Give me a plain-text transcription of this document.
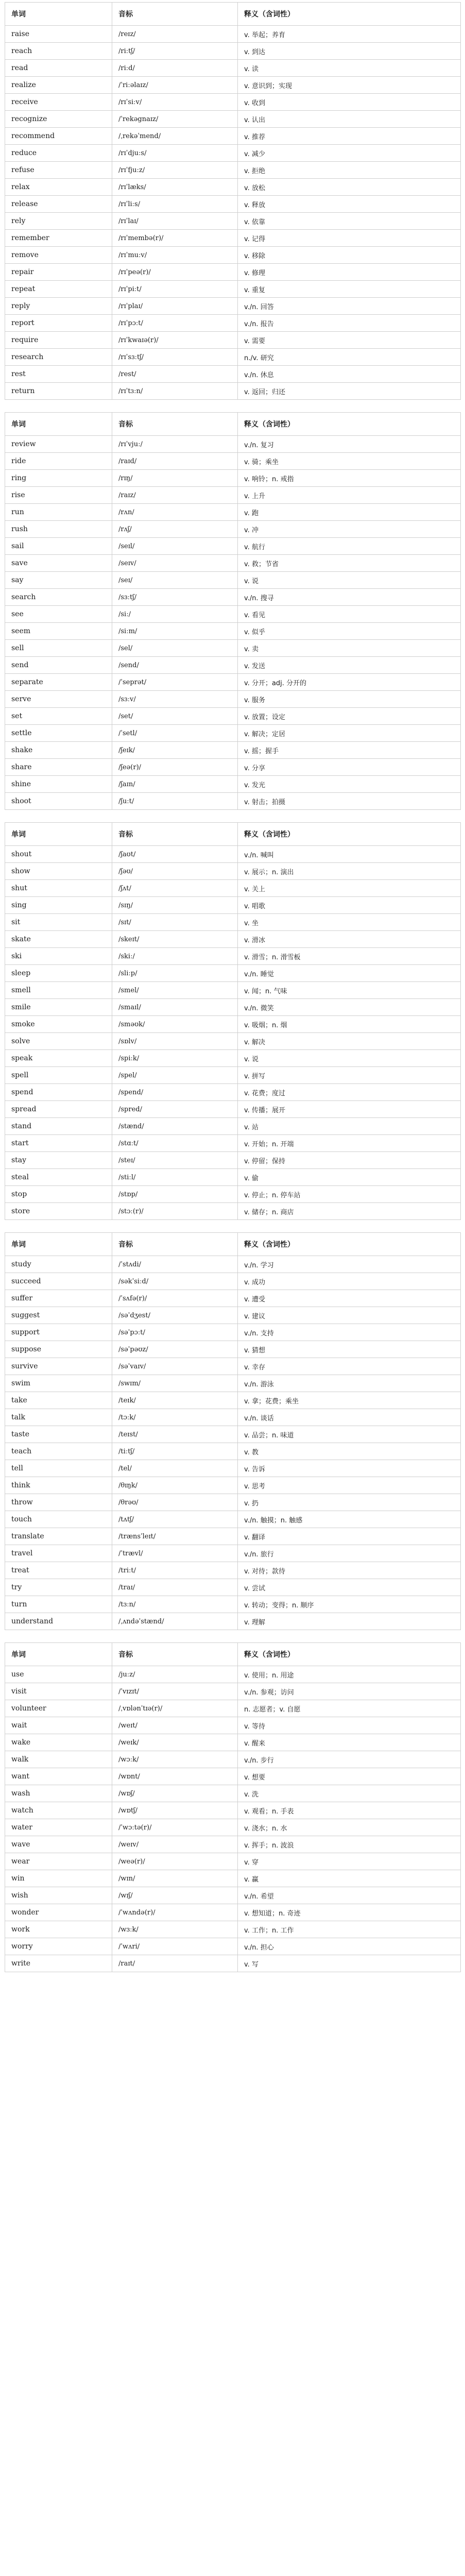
单词	音标	释义（含词性）
raise	/reɪz/	v. 举起；养育
reach	/riːtʃ/	v. 到达
read	/riːd/	v. 读
realize	/ˈriːəlaɪz/	v. 意识到；实现
receive	/rɪˈsiːv/	v. 收到
recognize	/ˈrekəgnaɪz/	v. 认出
recommend	/ˌrekəˈmend/	v. 推荐
reduce	/rɪˈdjuːs/	v. 减少
refuse	/rɪˈfjuːz/	v. 拒绝
relax	/rɪˈlæks/	v. 放松
release	/rɪˈliːs/	v. 释放
rely	/rɪˈlaɪ/	v. 依靠
remember	/rɪˈmembə(r)/	v. 记得
remove	/rɪˈmuːv/	v. 移除
repair	/rɪˈpeə(r)/	v. 修理
repeat	/rɪˈpiːt/	v. 重复
reply	/rɪˈplaɪ/	v./n. 回答
report	/rɪˈpɔːt/	v./n. 报告
require	/rɪˈkwaɪə(r)/	v. 需要
research	/rɪˈsɜːtʃ/	n./v. 研究
rest	/rest/	v./n. 休息
return	/rɪˈtɜːn/	v. 返回；归还
单词	音标	释义（含词性）
review	/rɪˈvjuː/	v./n. 复习
ride	/raɪd/	v. 骑；乘坐
ring	/rɪŋ/	v. 响铃；n. 戒指
rise	/raɪz/	v. 上升
run	/rʌn/	v. 跑
rush	/rʌʃ/	v. 冲
sail	/seɪl/	v. 航行
save	/seɪv/	v. 救；节省
say	/seɪ/	v. 说
search	/sɜːtʃ/	v./n. 搜寻
see	/siː/	v. 看见
seem	/siːm/	v. 似乎
sell	/sel/	v. 卖
send	/send/	v. 发送
separate	/ˈseprət/	v. 分开；adj. 分开的
serve	/sɜːv/	v. 服务
set	/set/	v. 放置；设定
settle	/ˈsetl/	v. 解决；定居
shake	/ʃeɪk/	v. 摇；握手
share	/ʃeə(r)/	v. 分享
shine	/ʃaɪn/	v. 发光
shoot	/ʃuːt/	v. 射击；拍摄
单词	音标	释义（含词性）
shout	/ʃaʊt/	v./n. 喊叫
show	/ʃəʊ/	v. 展示；n. 演出
shut	/ʃʌt/	v. 关上
sing	/sɪŋ/	v. 唱歌
sit	/sɪt/	v. 坐
skate	/skeɪt/	v. 滑冰
ski	/skiː/	v. 滑雪；n. 滑雪板
sleep	/sliːp/	v./n. 睡觉
smell	/smel/	v. 闻；n. 气味
smile	/smaɪl/	v./n. 微笑
smoke	/sməʊk/	v. 吸烟；n. 烟
solve	/sɒlv/	v. 解决
speak	/spiːk/	v. 说
spell	/spel/	v. 拼写
spend	/spend/	v. 花费；度过
spread	/spred/	v. 传播；展开
stand	/stænd/	v. 站
start	/stɑːt/	v. 开始；n. 开端
stay	/steɪ/	v. 停留；保持
steal	/stiːl/	v. 偷
stop	/stɒp/	v. 停止；n. 停车站
store	/stɔː(r)/	v. 储存；n. 商店
单词	音标	释义（含词性）
study	/ˈstʌdi/	v./n. 学习
succeed	/səkˈsiːd/	v. 成功
suffer	/ˈsʌfə(r)/	v. 遭受
suggest	/səˈdʒest/	v. 建议
support	/səˈpɔːt/	v./n. 支持
suppose	/səˈpəʊz/	v. 猜想
survive	/səˈvaɪv/	v. 幸存
swim	/swɪm/	v./n. 游泳
take	/teɪk/	v. 拿；花费；乘坐
talk	/tɔːk/	v./n. 谈话
taste	/teɪst/	v. 品尝；n. 味道
teach	/tiːtʃ/	v. 教
tell	/tel/	v. 告诉
think	/θɪŋk/	v. 思考
throw	/θrəʊ/	v. 扔
touch	/tʌtʃ/	v./n. 触摸；n. 触感
translate	/trænsˈleɪt/	v. 翻译
travel	/ˈtrævl/	v./n. 旅行
treat	/triːt/	v. 对待；款待
try	/traɪ/	v. 尝试
turn	/tɜːn/	v. 转动；变得；n. 顺序
understand	/ˌʌndəˈstænd/	v. 理解
单词	音标	释义（含词性）
use	/juːz/	v. 使用；n. 用途
visit	/ˈvɪzɪt/	v./n. 参观；访问
volunteer	/ˌvɒlənˈtɪə(r)/	n. 志愿者；v. 自愿
wait	/weɪt/	v. 等待
wake	/weɪk/	v. 醒来
walk	/wɔːk/	v./n. 步行
want	/wɒnt/	v. 想要
wash	/wɒʃ/	v. 洗
watch	/wɒtʃ/	v. 观看；n. 手表
water	/ˈwɔːtə(r)/	v. 浇水；n. 水
wave	/weɪv/	v. 挥手；n. 波浪
wear	/weə(r)/	v. 穿
win	/wɪn/	v. 赢
wish	/wɪʃ/	v./n. 希望
wonder	/ˈwʌndə(r)/	v. 想知道；n. 奇迹
work	/wɜːk/	v. 工作；n. 工作
worry	/ˈwʌri/	v./n. 担心
write	/raɪt/	v. 写
